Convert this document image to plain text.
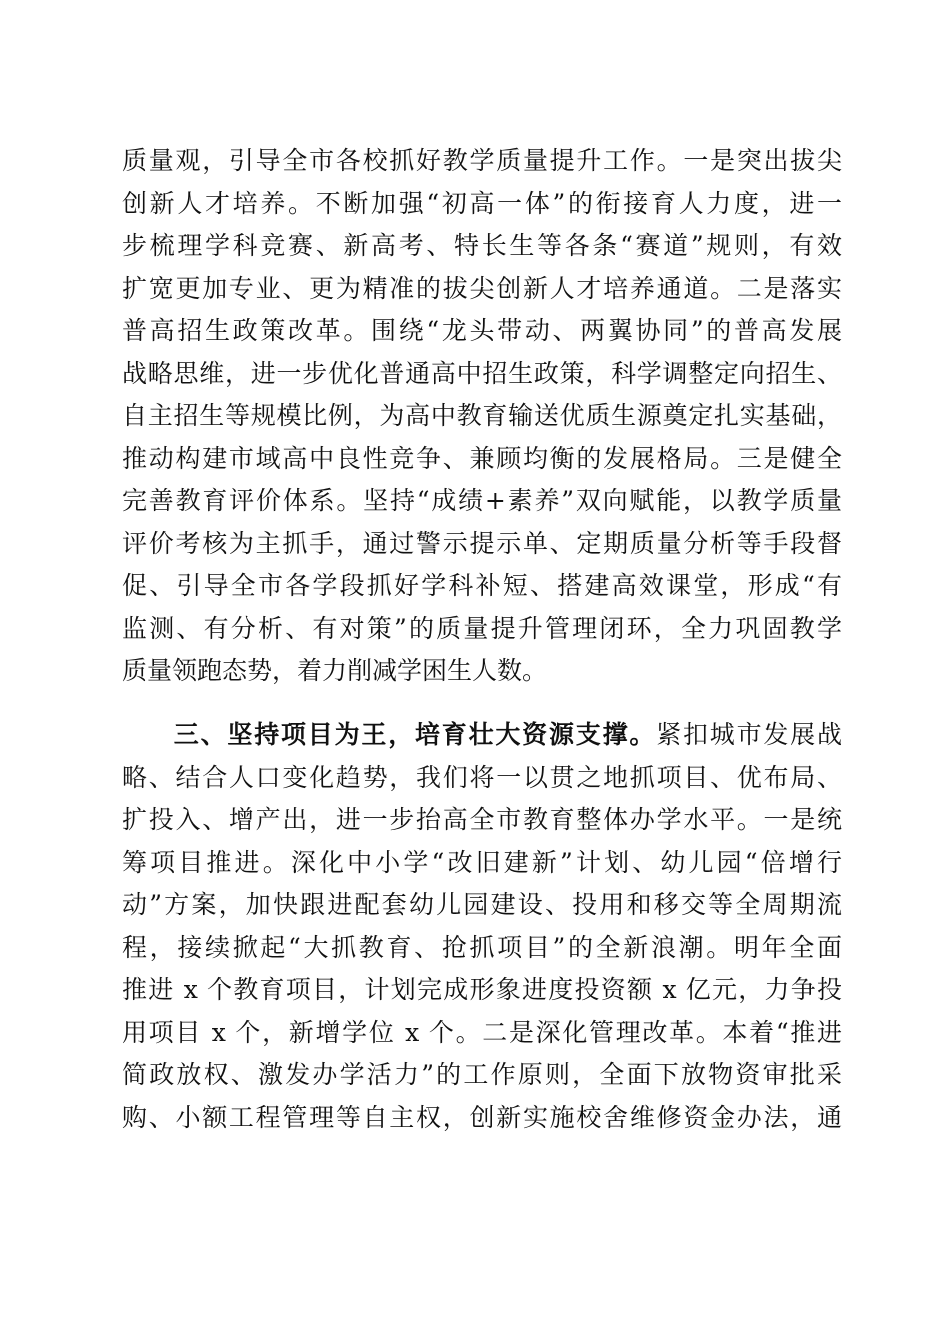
质量观，引导全市各校抓好教学质量提升工作。一是突出拔尖
创新人才培养。不断加强“初高一体”的衔接育人力度，进一
步梳理学科竞赛、新高考、特长生等各条“赛道”规则，有效
扩宽更加专业、更为精准的拔尖创新人才培养通道。二是落实
普高招生政策改革。围绕“龙头带动、两翼协同”的普高发展
战略思维，进一步优化普通高中招生政策，科学调整定向招生、
自主招生等规模比例，为高中教育输送优质生源奠定扎实基础，
推动构建市域高中良性竞争、兼顾均衡的发展格局。三是健全
完善教育评价体系。坚持“成绩+素养”双向赋能，以教学质量
评价考核为主抓手，通过警示提示单、定期质量分析等手段督
促、引导全市各学段抓好学科补短、搭建高效课堂，形成“有
监测、有分析、有对策”的质量提升管理闭环，全力巩固教学
质量领跑态势，着力削减学困生人数。
三、坚持项目为王，培育壮大资源支撑。紧扣城市发展战
略、结合人口变化趋势，我们将一以贯之地抓项目、优布局、
扩投入、增产出，进一步抬高全市教育整体办学水平。一是统
筹项目推进。深化中小学“改旧建新”计划、幼儿园“倍增行
动”方案，加快跟进配套幼儿园建设、投用和移交等全周期流
程，接续掀起“大抓教育、抢抓项目”的全新浪潮。明年全面
推进 x 个教育项目，计划完成形象进度投资额 x 亿元，力争投
用项目 x 个，新增学位 x 个。二是深化管理改革。本着“推进
简政放权、激发办学活力”的工作原则，全面下放物资审批采
购、小额工程管理等自主权，创新实施校舍维修资金办法，通
